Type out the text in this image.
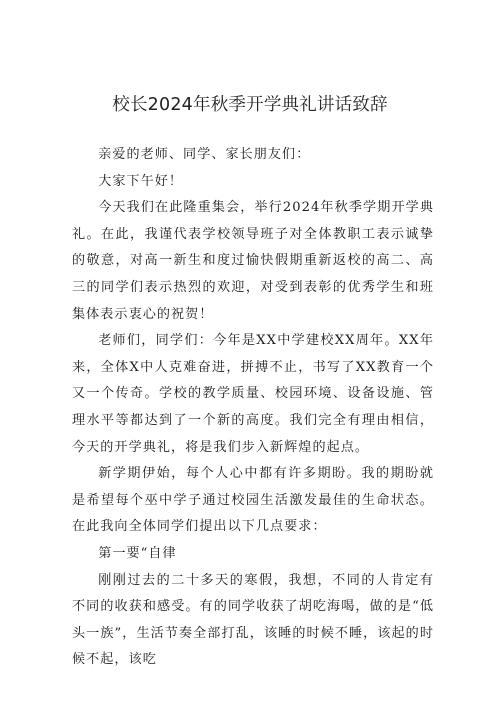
校长2024年秋季开学典礼讲话致辞

亲爱的老师、同学、家长朋友们：

大家下午好！

今天我们在此隆重集会，举行2024年秋季学期开学典礼。在此，我谨代表学校领导班子对全体教职工表示诚挚的敬意，对高一新生和度过愉快假期重新返校的高二、高三的同学们表示热烈的欢迎，对受到表彰的优秀学生和班集体表示衷心的祝贺！

老师们，同学们：今年是XX中学建校XX周年。XX年来，全体X中人克难奋进，拼搏不止，书写了XX教育一个又一个传奇。学校的教学质量、校园环境、设备设施、管理水平等都达到了一个新的高度。我们完全有理由相信，今天的开学典礼，将是我们步入新辉煌的起点。

新学期伊始，每个人心中都有许多期盼。我的期盼就是希望每个巫中学子通过校园生活激发最佳的生命状态。在此我向全体同学们提出以下几点要求：

第一要“自律

刚刚过去的二十多天的寒假，我想，不同的人肯定有不同的收获和感受。有的同学收获了胡吃海喝，做的是“低头一族”，生活节奏全部打乱，该睡的时候不睡，该起的时候不起，该吃
